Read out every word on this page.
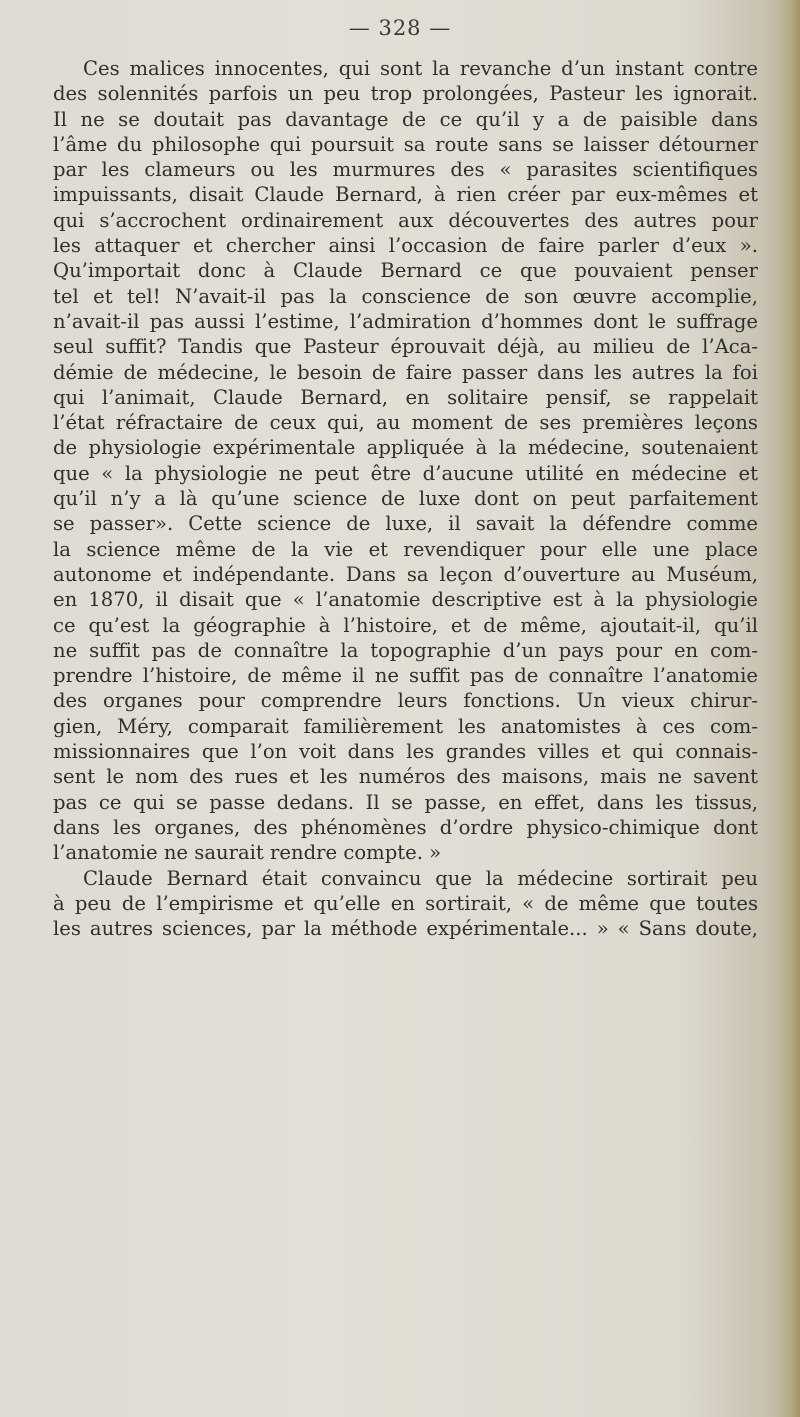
— 328 —
Ces malices innocentes, qui sont la revanche d’un instant contre
des solennités parfois un peu trop prolongées, Pasteur les ignorait.
Il ne se doutait pas davantage de ce qu’il y a de paisible dans
l’âme du philosophe qui poursuit sa route sans se laisser détourner
par les clameurs ou les murmures des « parasites scientifiques
impuissants, disait Claude Bernard, à rien créer par eux-mêmes et
qui s’accrochent ordinairement aux découvertes des autres pour
les attaquer et chercher ainsi l’occasion de faire parler d’eux ».
Qu’importait donc à Claude Bernard ce que pouvaient penser
tel et tel! N’avait-il pas la conscience de son œuvre accomplie,
n’avait-il pas aussi l’estime, l’admiration d’hommes dont le suffrage
seul suffit? Tandis que Pasteur éprouvait déjà, au milieu de l’Aca-
démie de médecine, le besoin de faire passer dans les autres la foi
qui l’animait, Claude Bernard, en solitaire pensif, se rappelait
l’état réfractaire de ceux qui, au moment de ses premières leçons
de physiologie expérimentale appliquée à la médecine, soutenaient
que « la physiologie ne peut être d’aucune utilité en médecine et
qu’il n’y a là qu’une science de luxe dont on peut parfaitement
se passer». Cette science de luxe, il savait la défendre comme
la science même de la vie et revendiquer pour elle une place
autonome et indépendante. Dans sa leçon d’ouverture au Muséum,
en 1870, il disait que « l’anatomie descriptive est à la physiologie
ce qu’est la géographie à l’histoire, et de même, ajoutait-il, qu’il
ne suffit pas de connaître la topographie d’un pays pour en com-
prendre l’histoire, de même il ne suffit pas de connaître l’anatomie
des organes pour comprendre leurs fonctions. Un vieux chirur-
gien, Méry, comparait familièrement les anatomistes à ces com-
missionnaires que l’on voit dans les grandes villes et qui connais-
sent le nom des rues et les numéros des maisons, mais ne savent
pas ce qui se passe dedans. Il se passe, en effet, dans les tissus,
dans les organes, des phénomènes d’ordre physico-chimique dont
l’anatomie ne saurait rendre compte. »
Claude Bernard était convaincu que la médecine sortirait peu
à peu de l’empirisme et qu’elle en sortirait, « de même que toutes
les autres sciences, par la méthode expérimentale... » « Sans doute,
